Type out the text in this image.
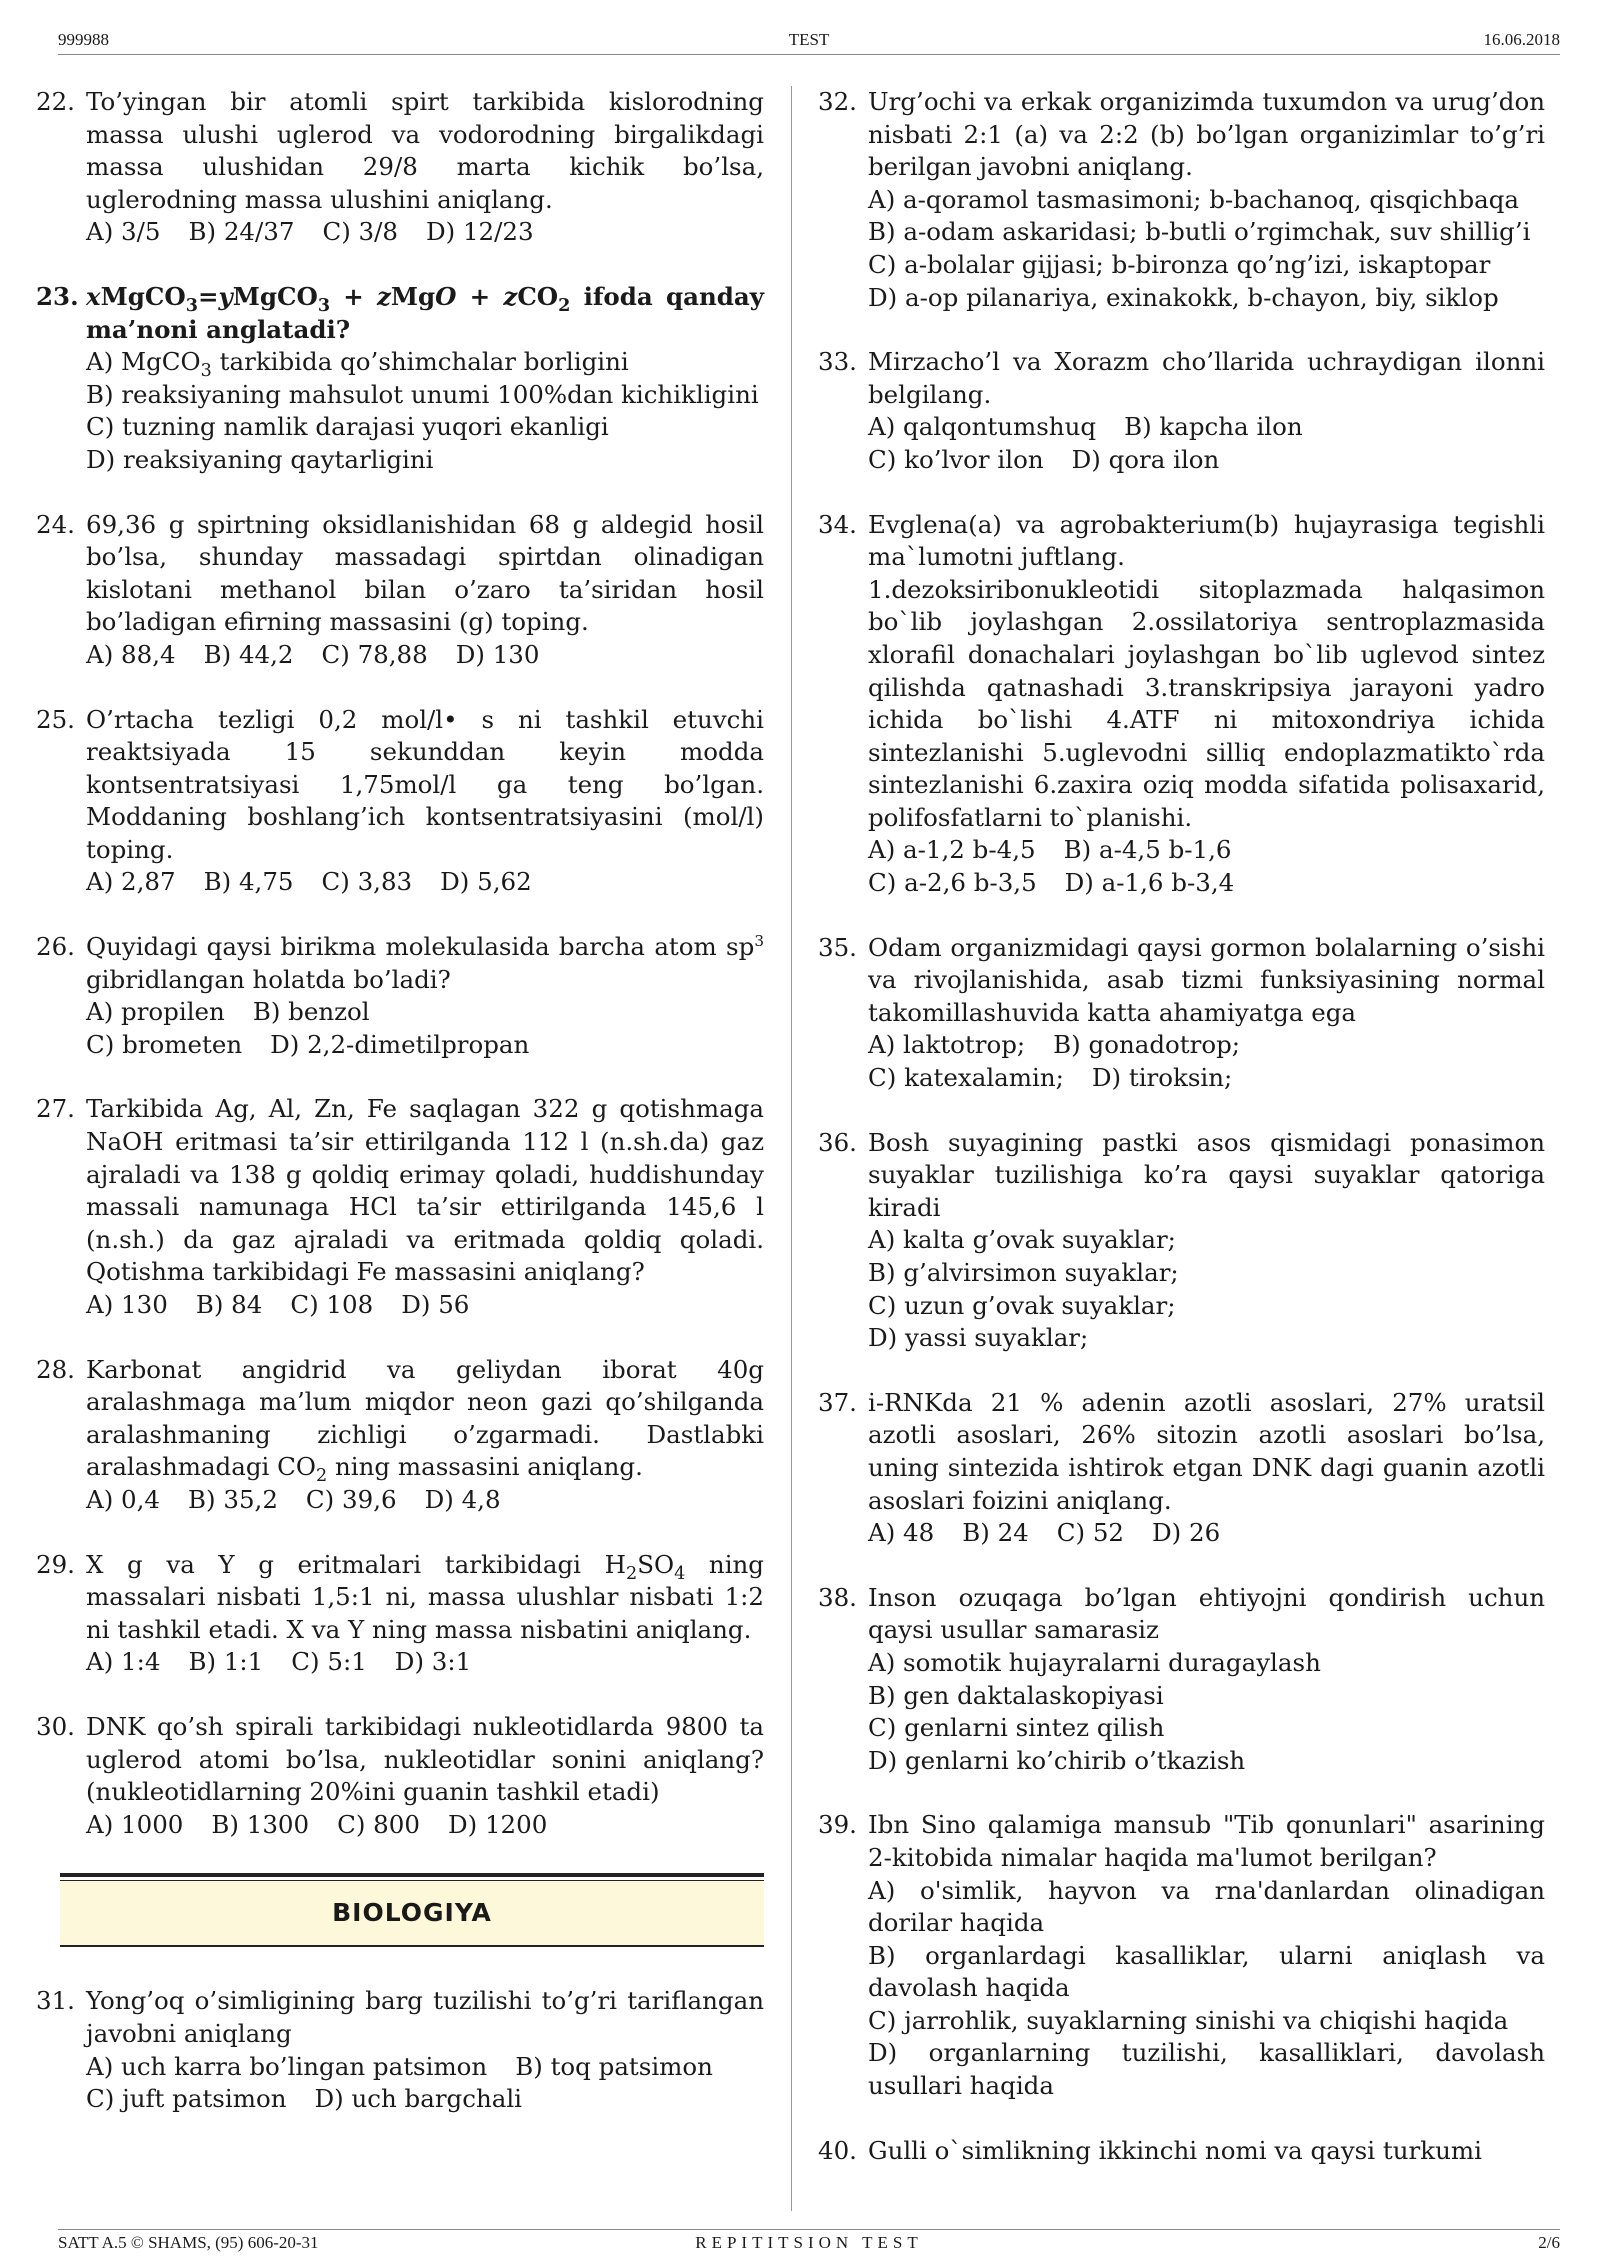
999988	TEST	16.06.2018
22. To’yingan bir atomli spirt tarkibida kislorodning massa ulushi uglerod va vodorodning birgalikdagi massa ulushidan 29/8 marta kichik bo’lsa, uglerodning massa ulushini aniqlang.
A) 3/5 B) 24/37 C) 3/8 D) 12/23
23. xMgCO$_3$=yMgCO$_3$ + zMgO + zCO$_2$ ifoda qanday ma’noni anglatadi?
A) MgCO$_3$ tarkibida qo’shimchalar borligini
B) reaksiyaning mahsulot unumi 100%dan kichikligini
C) tuzning namlik darajasi yuqori ekanligi
D) reaksiyaning qaytarligini
24. 69,36 g spirtning oksidlanishidan 68 g aldegid hosil bo’lsa, shunday massadagi spirtdan olinadigan kislotani methanol bilan o’zaro ta’siridan hosil bo’ladigan efirning massasini (g) toping.
A) 88,4 B) 44,2 C) 78,88 D) 130
25. O’rtacha tezligi 0,2 mol/l• s ni tashkil etuvchi reaktsiyada 15 sekunddan keyin modda kontsentratsiyasi 1,75mol/l ga teng bo’lgan. Moddaning boshlang’ich kontsentratsiyasini (mol/l) toping.
A) 2,87 B) 4,75 C) 3,83 D) 5,62
26. Quyidagi qaysi birikma molekulasida barcha atom $sp^3$ gibridlangan holatda bo’ladi?
A) propilen B) benzol
C) brometen D) 2,2-dimetilpropan
27. Tarkibida Ag, Al, Zn, Fe saqlagan 322 g qotishmaga NaOH eritmasi ta’sir ettirilganda 112 l (n.sh.da) gaz ajraladi va 138 g qoldiq erimay qoladi, huddishunday massali namunaga HCl ta’sir ettirilganda 145,6 l (n.sh.) da gaz ajraladi va eritmada qoldiq qoladi. Qotishma tarkibidagi Fe massasini aniqlang?
A) 130 B) 84 C) 108 D) 56
28. Karbonat angidrid va geliydan iborat 40g aralashmaga ma’lum miqdor neon gazi qo’shilganda aralashmaning zichligi o’zgarmadi. Dastlabki aralashmadagi $CO_2$ ning massasini aniqlang.
A) 0,4 B) 35,2 C) 39,6 D) 4,8
29. X g va Y g eritmalari tarkibidagi $H_2SO_4$ ning massalari nisbati 1,5:1 ni, massa ulushlar nisbati 1:2 ni tashkil etadi. X va Y ning massa nisbatini aniqlang.
A) 1:4 B) 1:1 C) 5:1 D) 3:1
30. DNK qo’sh spirali tarkibidagi nukleotidlarda 9800 ta uglerod atomi bo’lsa, nukleotidlar sonini aniqlang? (nukleotidlarning 20%ini guanin tashkil etadi)
A) 1000 B) 1300 C) 800 D) 1200
BIOLOGIYA
31. Yong’oq o’simligining barg tuzilishi to’g’ri tariflangan javobni aniqlang
A) uch karra bo’lingan patsimon B) toq patsimon
C) juft patsimon D) uch bargchali
32. Urg’ochi va erkak organizimda tuxumdon va urug’don nisbati 2:1 (a) va 2:2 (b) bo’lgan organizimlar to’g’ri berilgan javobni aniqlang.
A) a-qoramol tasmasimoni; b-bachanoq, qisqichbaqa
B) a-odam askaridasi; b-butli o’rgimchak, suv shillig’i
C) a-bolalar gijjasi; b-bironza qo’ng’izi, iskaptopar
D) a-op pilanariya, exinakokk, b-chayon, biy, siklop
33. Mirzacho’l va Xorazm cho’llarida uchraydigan ilonni belgilang.
A) qalqontumshuq B) kapcha ilon
C) ko’lvor ilon D) qora ilon
34. Evglena(a) va agrobakterium(b) hujayrasiga tegishli ma`lumotni juftlang.
1.dezoksiribonukleotidi sitoplazmada halqasimon bo`lib joylashgan 2.ossilatoriya sentroplazmasida xlorafil donachalari joylashgan bo`lib uglevod sintez qilishda qatnashadi 3.transkripsiya jarayoni yadro ichida bo`lishi 4.ATF ni mitoxondriya ichida sintezlanishi 5.uglevodni silliq endoplazmatikto`rda sintezlanishi 6.zaxira oziq modda sifatida polisaxarid, polifosfatlarni to`planishi.
A) a-1,2 b-4,5 B) a-4,5 b-1,6
C) a-2,6 b-3,5 D) a-1,6 b-3,4
35. Odam organizmidagi qaysi gormon bolalarning o’sishi va rivojlanishida, asab tizmi funksiyasining normal takomillashuvida katta ahamiyatga ega
A) laktotrop; B) gonadotrop;
C) katexalamin; D) tiroksin;
36. Bosh suyagining pastki asos qismidagi ponasimon suyaklar tuzilishiga ko’ra qaysi suyaklar qatoriga kiradi
A) kalta g’ovak suyaklar;
B) g’alvirsimon suyaklar;
C) uzun g’ovak suyaklar;
D) yassi suyaklar;
37. i-RNKda 21 % adenin azotli asoslari, 27% uratsil azotli asoslari, 26% sitozin azotli asoslari bo’lsa, uning sintezida ishtirok etgan DNK dagi guanin azotli asoslari foizini aniqlang.
A) 48 B) 24 C) 52 D) 26
38. Inson ozuqaga bo’lgan ehtiyojni qondirish uchun qaysi usullar samarasiz
A) somotik hujayralarni duragaylash
B) gen daktalaskopiyasi
C) genlarni sintez qilish
D) genlarni ko’chirib o’tkazish
39. Ibn Sino qalamiga mansub "Tib qonunlari" asarining 2-kitobida nimalar haqida ma'lumot berilgan?
A) o'simlik, hayvon va rna'danlardan olinadigan dorilar haqida
B) organlardagi kasalliklar, ularni aniqlash va davolash haqida
C) jarrohlik, suyaklarning sinishi va chiqishi haqida
D) organlarning tuzilishi, kasalliklari, davolash usullari haqida
40. Gulli o`simlikning ikkinchi nomi va qaysi turkumi
SATT A.5 © SHAMS, (95) 606-20-31	REPITITSION TEST	2/6
